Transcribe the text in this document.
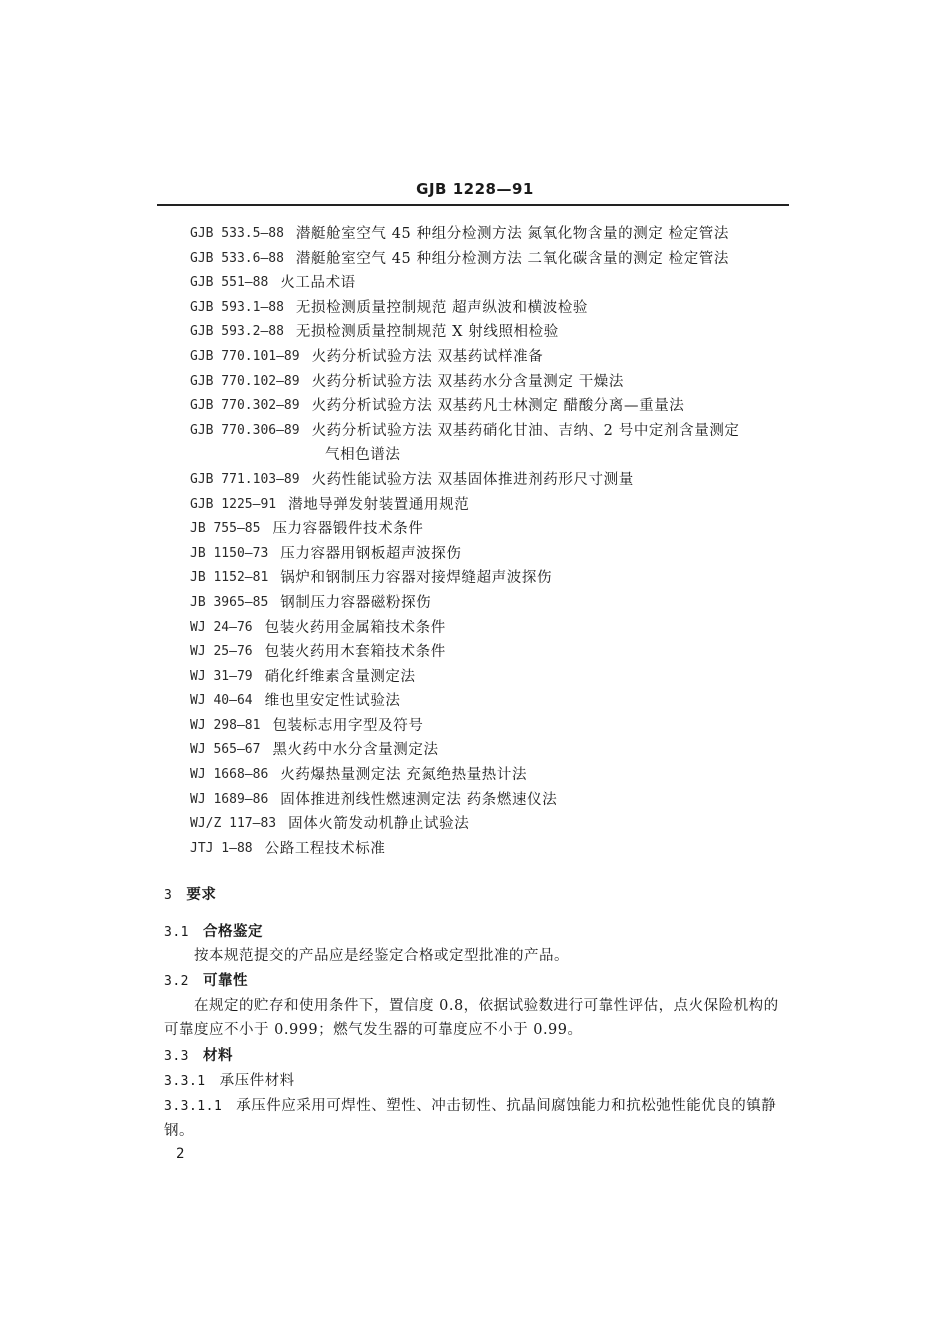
GJB 1228—91
GJB 533.5—88 潜艇舱室空气 45 种组分检测方法 氮氧化物含量的测定 检定管法
GJB 533.6—88 潜艇舱室空气 45 种组分检测方法 二氧化碳含量的测定 检定管法
GJB 551—88 火工品术语
GJB 593.1—88 无损检测质量控制规范 超声纵波和横波检验
GJB 593.2—88 无损检测质量控制规范 X 射线照相检验
GJB 770.101—89 火药分析试验方法 双基药试样准备
GJB 770.102—89 火药分析试验方法 双基药水分含量测定 干燥法
GJB 770.302—89 火药分析试验方法 双基药凡士林测定 醋酸分离—重量法
GJB 770.306—89 火药分析试验方法 双基药硝化甘油、吉纳、2 号中定剂含量测定
气相色谱法
GJB 771.103—89 火药性能试验方法 双基固体推进剂药形尺寸测量
GJB 1225—91 潜地导弹发射装置通用规范
JB 755—85 压力容器锻件技术条件
JB 1150—73 压力容器用钢板超声波探伤
JB 1152—81 锅炉和钢制压力容器对接焊缝超声波探伤
JB 3965—85 钢制压力容器磁粉探伤
WJ 24—76 包装火药用金属箱技术条件
WJ 25—76 包装火药用木套箱技术条件
WJ 31—79 硝化纤维素含量测定法
WJ 40—64 维也里安定性试验法
WJ 298—81 包装标志用字型及符号
WJ 565—67 黑火药中水分含量测定法
WJ 1668—86 火药爆热量测定法 充氮绝热量热计法
WJ 1689—86 固体推进剂线性燃速测定法 药条燃速仪法
WJ/Z 117—83 固体火箭发动机静止试验法
JTJ 1—88 公路工程技术标准
3 要求
3.1 合格鉴定
按本规范提交的产品应是经鉴定合格或定型批准的产品。
3.2 可靠性
在规定的贮存和使用条件下，置信度 0.8，依据试验数进行可靠性评估，点火保险机构的
可靠度应不小于 0.999；燃气发生器的可靠度应不小于 0.99。
3.3 材料
3.3.1 承压件材料
3.3.1.1 承压件应采用可焊性、塑性、冲击韧性、抗晶间腐蚀能力和抗松弛性能优良的镇静
钢。
2
